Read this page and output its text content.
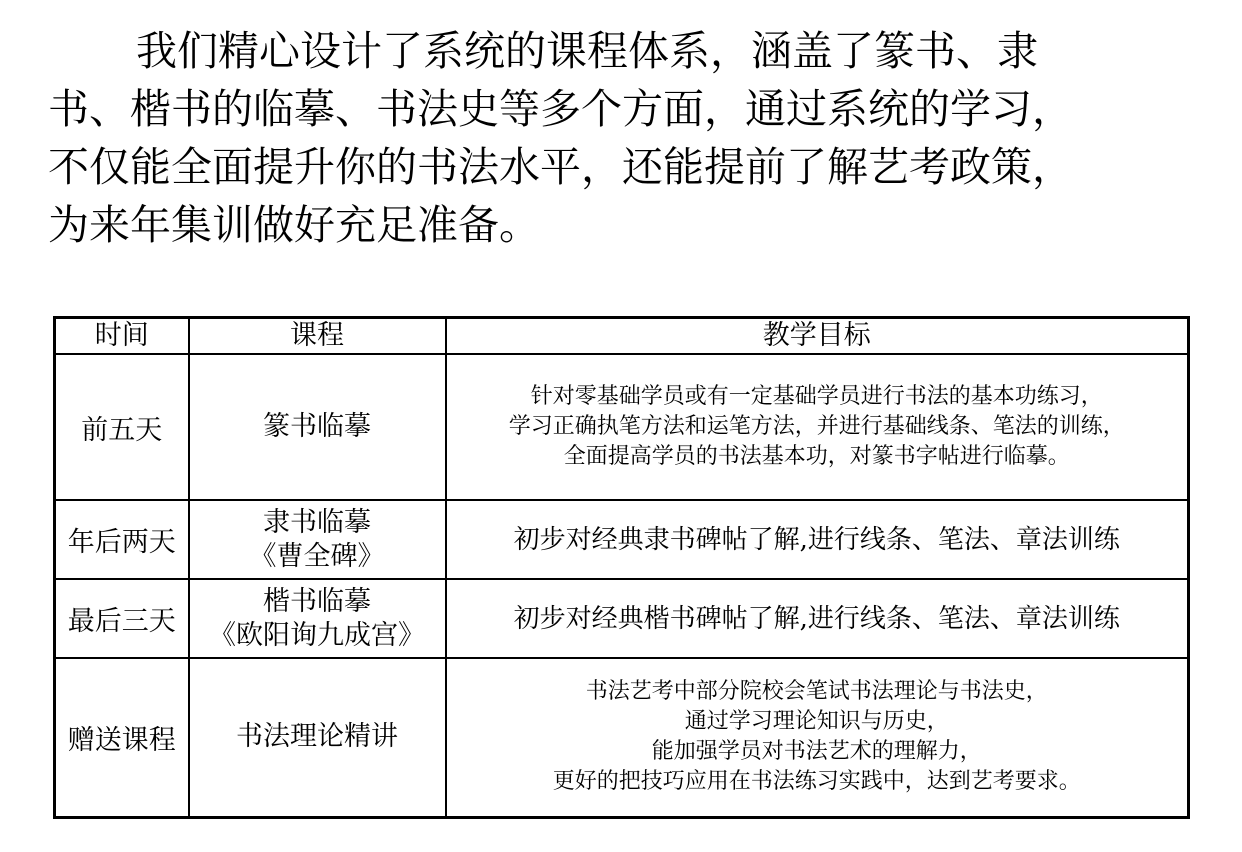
我们精心设计了系统的课程体系，涵盖了篆书、隶
书、楷书的临摹、书法史等多个方面，通过系统的学习，
不仅能全面提升你的书法水平，还能提前了解艺考政策，
为来年集训做好充足准备。

时间	课程	教学目标
前五天	篆书临摹	针对零基础学员或有一定基础学员进行书法的基本功练习，
学习正确执笔方法和运笔方法，并进行基础线条、笔法的训练，
全面提高学员的书法基本功，对篆书字帖进行临摹。

年后两天	隶书临摹
《曹全碑》	初步对经典隶书碑帖了解,进行线条、笔法、章法训练

最后三天	楷书临摹
《欧阳询九成宫》	初步对经典楷书碑帖了解,进行线条、笔法、章法训练

赠送课程	书法理论精讲	书法艺考中部分院校会笔试书法理论与书法史，
通过学习理论知识与历史，
能加强学员对书法艺术的理解力，
更好的把技巧应用在书法练习实践中，达到艺考要求。
